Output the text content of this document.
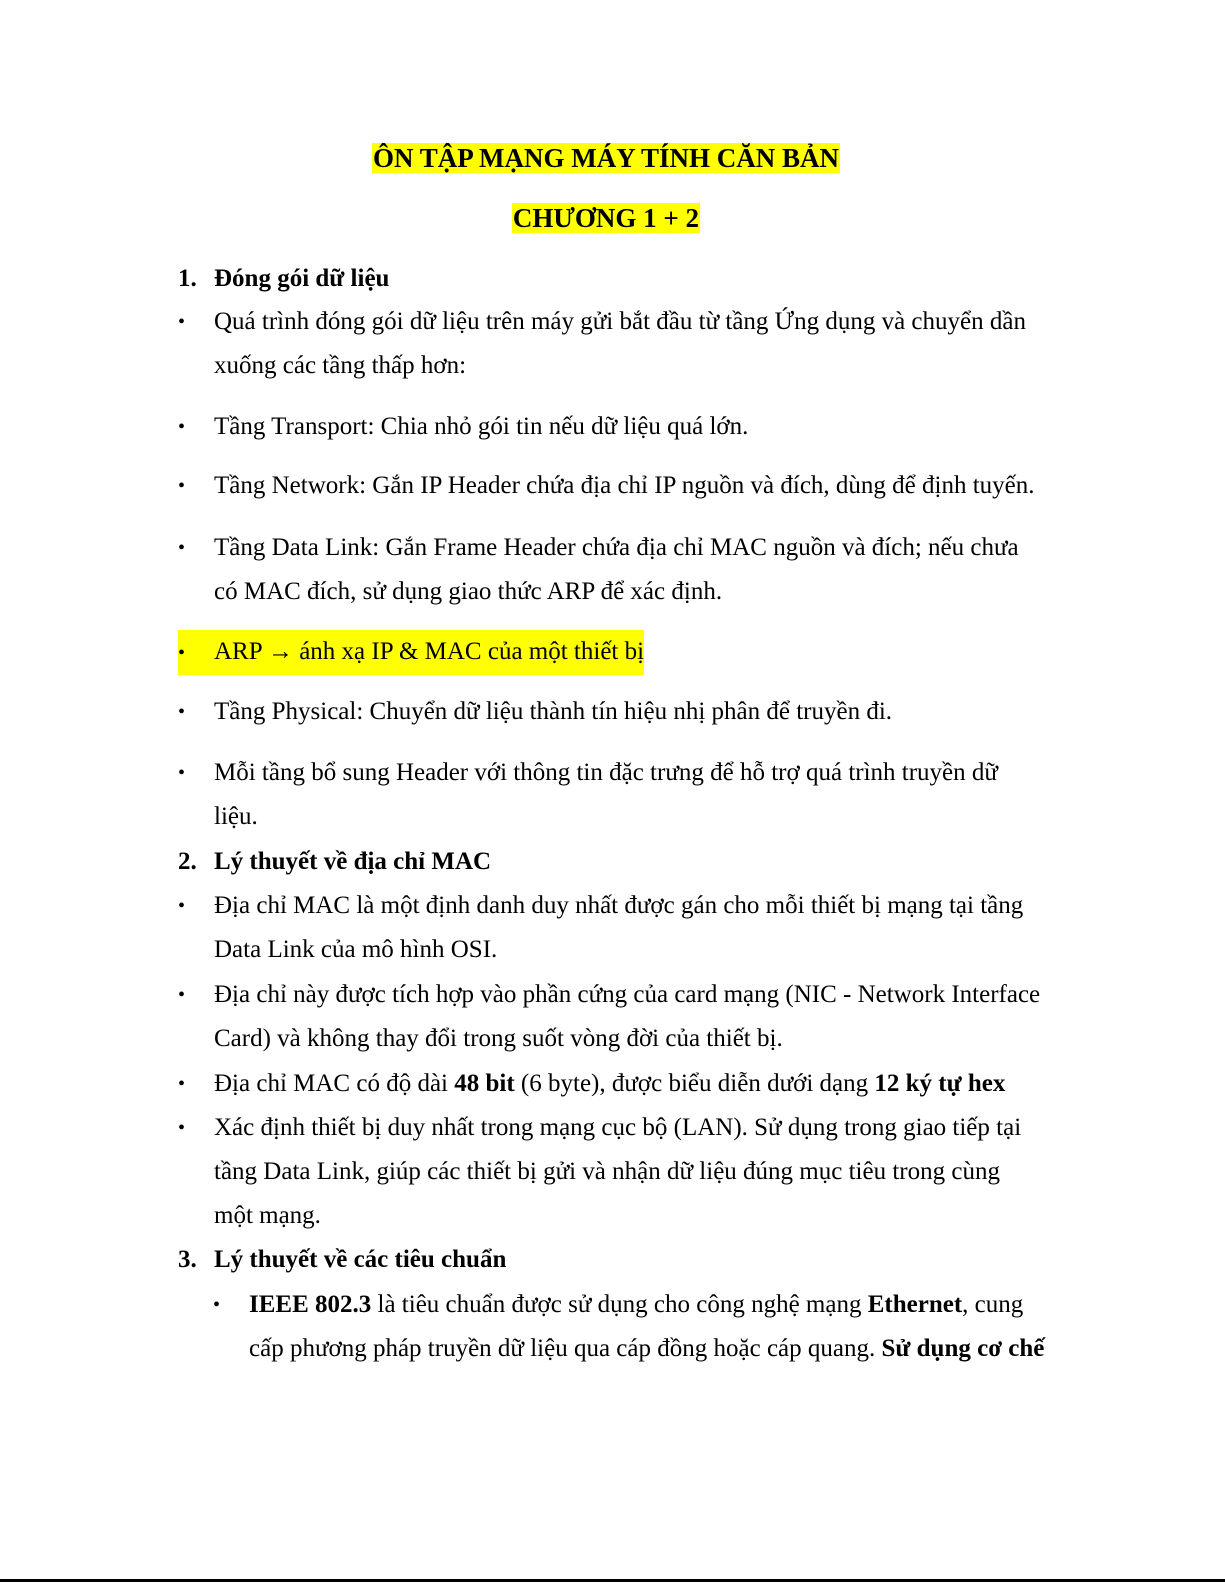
ÔN TẬP MẠNG MÁY TÍNH CĂN BẢN
CHƯƠNG 1 + 2
1. Đóng gói dữ liệu
• Quá trình đóng gói dữ liệu trên máy gửi bắt đầu từ tầng Ứng dụng và chuyển dần
xuống các tầng thấp hơn:
• Tầng Transport: Chia nhỏ gói tin nếu dữ liệu quá lớn.
• Tầng Network: Gắn IP Header chứa địa chỉ IP nguồn và đích, dùng để định tuyến.
• Tầng Data Link: Gắn Frame Header chứa địa chỉ MAC nguồn và đích; nếu chưa
có MAC đích, sử dụng giao thức ARP để xác định.
• ARP → ánh xạ IP & MAC của một thiết bị
• Tầng Physical: Chuyển dữ liệu thành tín hiệu nhị phân để truyền đi.
• Mỗi tầng bổ sung Header với thông tin đặc trưng để hỗ trợ quá trình truyền dữ
liệu.
2. Lý thuyết về địa chỉ MAC
• Địa chỉ MAC là một định danh duy nhất được gán cho mỗi thiết bị mạng tại tầng
Data Link của mô hình OSI.
• Địa chỉ này được tích hợp vào phần cứng của card mạng (NIC - Network Interface
Card) và không thay đổi trong suốt vòng đời của thiết bị.
• Địa chỉ MAC có độ dài 48 bit (6 byte), được biểu diễn dưới dạng 12 ký tự hex
• Xác định thiết bị duy nhất trong mạng cục bộ (LAN). Sử dụng trong giao tiếp tại
tầng Data Link, giúp các thiết bị gửi và nhận dữ liệu đúng mục tiêu trong cùng
một mạng.
3. Lý thuyết về các tiêu chuẩn
• IEEE 802.3 là tiêu chuẩn được sử dụng cho công nghệ mạng Ethernet, cung
cấp phương pháp truyền dữ liệu qua cáp đồng hoặc cáp quang. Sử dụng cơ chế
